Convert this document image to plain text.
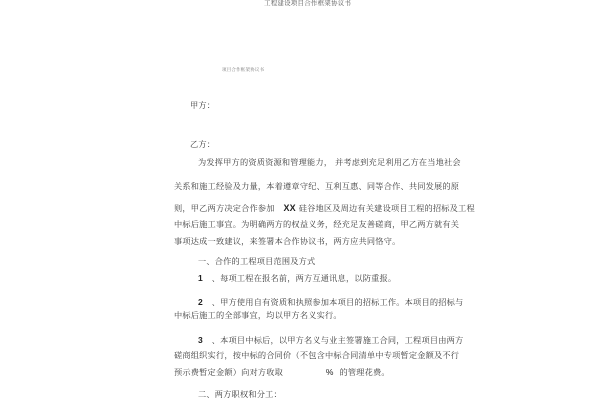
工程建设项目合作框架协议书
项目合作框架协议书
甲方：
乙方：
为发挥甲方的资质资源和管理能力， 并考虑到充足利用乙方在当地社会
关系和施工经验及力量，本着遵章守纪、互利互惠、同等合作、共同发展的原
则，甲乙两方决定合作参加 XX 硅谷地区及周边有关建设项目工程的招标及工程
中标后施工事宜。为明确两方的权益义务，经充足友善磋商，甲乙两方就有关
事项达成一致建议，来签署本合作协议书，两方应共同恪守。
一、合作的工程项目范围及方式
1 、每项工程在报名前，两方互通讯息，以防重报。
2 、甲方使用自有资质和执照参加本项目的招标工作。本项目的招标与
中标后施工的全部事宜，均以甲方名义实行。
3 、本项目中标后，以甲方名义与业主签署施工合同，工程项目由两方
磋商组织实行，按中标的合同价（不包含中标合同清单中专项暂定金额及不行
预示费暂定金额）向对方收取	% 的管理花费。
二、两方职权和分工：
